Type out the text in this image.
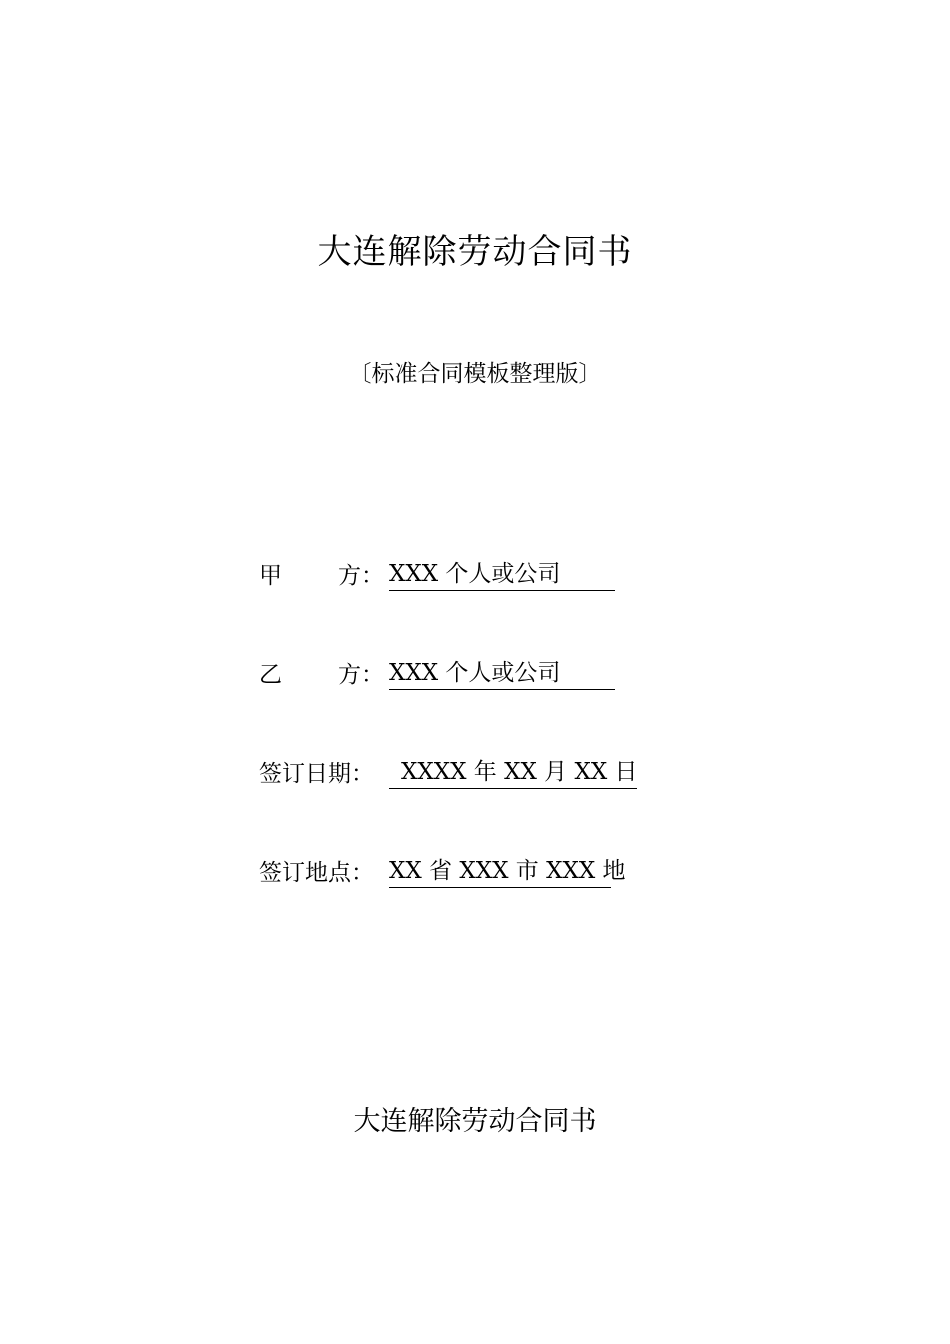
大连解除劳动合同书
〔标准合同模板整理版〕
甲 方： XXX 个人或公司
乙 方： XXX 个人或公司
签订日期：	XXXX 年 XX 月 XX 日
签订地点： XX 省 XXX 市 XXX 地
大连解除劳动合同书
